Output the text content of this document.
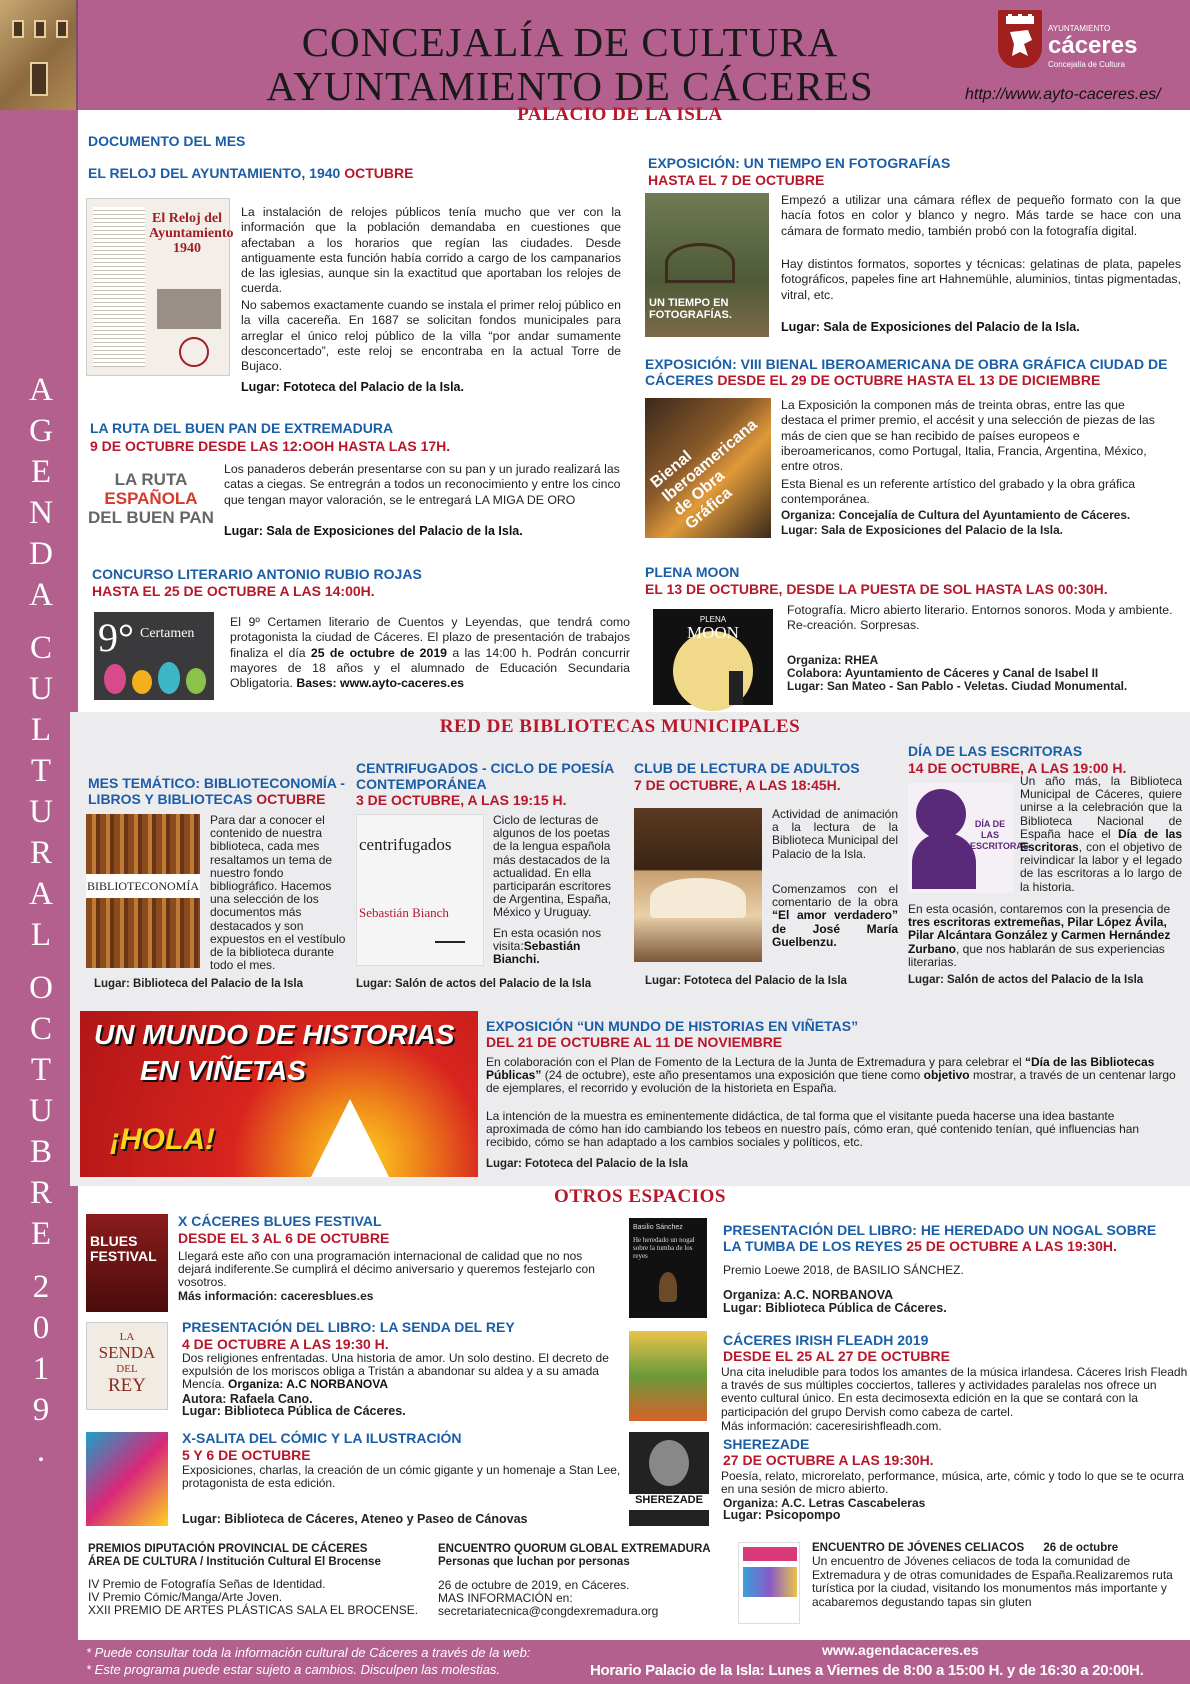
CONCEJALÍA DE CULTURA
AYUNTAMIENTO DE CÁCERES
AYUNTAMIENTO
cáceres
Concejalía de Cultura
http://www.ayto-caceres.es/
A
G
E
N
D
A
C
U
L
T
U
R
A
L
O
C
T
U
B
R
E
2
0
1
9
.
PALACIO DE LA ISLA
DOCUMENTO DEL MES
EL RELOJ DEL AYUNTAMIENTO, 1940 OCTUBRE
El Reloj del Ayuntamiento 1940
La instalación de relojes públicos tenía mucho que ver con la información que la población demandaba en cuestiones que afectaban a los horarios que regían las ciudades. Desde antiguamente esta función había corrido a cargo de los campanarios de las iglesias, aunque sin la exactitud que aportaban los relojes de cuerda.
No sabemos exactamente cuando se instala el primer reloj público en la villa cacereña. En 1687 se solicitan fondos municipales para arreglar el único reloj público de la villa “por andar sumamente desconcertado”, este reloj se encontraba en la actual Torre de Bujaco.
Lugar: Fototeca del Palacio de la Isla.
LA RUTA DEL BUEN PAN DE EXTREMADURA
9 DE OCTUBRE DESDE LAS 12:OOH HASTA LAS 17H.
LA RUTA
ESPAÑOLA
DEL BUEN PAN
Los panaderos deberán presentarse con su pan y un jurado realizará las catas a ciegas. Se entregrán a todos un reconocimiento y entre los cinco que tengan mayor valoración, se le entregará LA MIGA DE ORO
Lugar: Sala de Exposiciones del Palacio de la Isla.
CONCURSO LITERARIO ANTONIO RUBIO ROJAS
HASTA EL 25 DE OCTUBRE A LAS 14:00H.
9° Certamen
El 9º Certamen literario de Cuentos y Leyendas, que tendrá como protagonista la ciudad de Cáceres. El plazo de presentación de trabajos finaliza el día 25 de octubre de 2019 a las 14:00 h. Podrán concurrir mayores de 18 años y el alumnado de Educación Secundaria Obligatoria. Bases: www.ayto-caceres.es
EXPOSICIÓN: UN TIEMPO EN FOTOGRAFÍAS
HASTA EL 7 DE OCTUBRE
UN TIEMPO EN FOTOGRAFÍAS.
Empezó a utilizar una cámara réflex de pequeño formato con la que hacía fotos en color y blanco y negro. Más tarde se hace con una cámara de formato medio, también probó con la fotografía digital.
Hay distintos formatos, soportes y técnicas: gelatinas de plata, papeles fotográficos, papeles fine art Hahnemühle, aluminios, tintas pigmentadas, vitral, etc.
Lugar: Sala de Exposiciones del Palacio de la Isla.
EXPOSICIÓN: VIII BIENAL IBEROAMERICANA DE OBRA GRÁFICA CIUDAD DE CÁCERES DESDE EL 29 DE OCTUBRE HASTA EL 13 DE DICIEMBRE
Bienal Iberoamericana de Obra Gráfica
La Exposición la componen más de treinta obras, entre las que destaca el primer premio, el accésit y una selección de piezas de las más de cien que se han recibido de países europeos e iberoamericanos, como Portugal, Italia, Francia, Argentina, México, entre otros.
Esta Bienal es un referente artístico del grabado y la obra gráfica contemporánea.
Organiza: Concejalía de Cultura del Ayuntamiento de Cáceres.
Lugar: Sala de Exposiciones del Palacio de la Isla.
PLENA MOON
EL 13 DE OCTUBRE, DESDE LA PUESTA DE SOL HASTA LAS 00:30H.
PLENA
MOON
Fotografía. Micro abierto literario. Entornos sonoros. Moda y ambiente. Re-creación. Sorpresas.
Organiza: RHEA
Colabora: Ayuntamiento de Cáceres y Canal de Isabel II
Lugar: San Mateo - San Pablo - Veletas. Ciudad Monumental.
RED DE BIBLIOTECAS MUNICIPALES
MES TEMÁTICO: BIBLIOTECONOMÍA - LIBROS Y BIBLIOTECAS OCTUBRE
BIBLIOTECONOMÍA
Para dar a conocer el contenido de nuestra biblioteca, cada mes resaltamos un tema de nuestro fondo bibliográfico. Hacemos una selección de los documentos más destacados y son expuestos en el vestíbulo de la biblioteca durante todo el mes.
Lugar: Biblioteca del Palacio de la Isla
CENTRIFUGADOS - CICLO DE POESÍA CONTEMPORÁNEA
3 DE OCTUBRE, A LAS 19:15 H.
centrifugados
Sebastián Bianch
Ciclo de lecturas de algunos de los poetas de la lengua española más destacados de la actualidad. En ella participarán escritores de Argentina, España, México y Uruguay.
En esta ocasión nos visita:Sebastián Bianchi.
Lugar: Salón de actos del Palacio de la Isla
CLUB DE LECTURA DE ADULTOS
7 DE OCTUBRE, A LAS 18:45H.
Actividad de animación a la lectura de la Biblioteca Municipal del Palacio de la Isla.
Comenzamos con el comentario de la obra “El amor verdadero” de José María Guelbenzu.
Lugar: Fototeca del Palacio de la Isla
DÍA DE LAS ESCRITORAS
14 DE OCTUBRE, A LAS 19:00 H.
DÍA DE LAS ESCRITORAS
Un año más, la Biblioteca Municipal de Cáceres, quiere unirse a la celebración que la Biblioteca Nacional de España hace el Día de las Escritoras, con el objetivo de reivindicar la labor y el legado de las escritoras a lo largo de la historia.
En esta ocasión, contaremos con la presencia de tres escritoras extremeñas, Pilar López Ávila, Pilar Alcántara González y Carmen Hernández Zurbano, que nos hablarán de sus experiencias literarias.
Lugar: Salón de actos del Palacio de la Isla
UN MUNDO DE HISTORIAS
EN VIÑETAS
¡HOLA!
EXPOSICIÓN “UN MUNDO DE HISTORIAS EN VIÑETAS”
DEL 21 DE OCTUBRE AL 11 DE NOVIEMBRE
En colaboración con el Plan de Fomento de la Lectura de la Junta de Extremadura y para celebrar el “Día de las Bibliotecas Públicas” (24 de octubre), este año presentamos una exposición que tiene como objetivo mostrar, a través de un centenar largo de ejemplares, el recorrido y evolución de la historieta en España.
La intención de la muestra es eminentemente didáctica, de tal forma que el visitante pueda hacerse una idea bastante aproximada de cómo han ido cambiando los tebeos en nuestro país, cómo eran, qué contenido tenían, qué influencias han recibido, cómo se han adaptado a los cambios sociales y políticos, etc.
Lugar: Fototeca del Palacio de la Isla
OTROS ESPACIOS
BLUES FESTIVAL
X CÁCERES BLUES FESTIVAL
DESDE EL 3 AL 6 DE OCTUBRE
Llegará este año con una programación internacional de calidad que no nos dejará indiferente.Se cumplirá el décimo aniversario y queremos festejarlo con vosotros.
Más información: caceresblues.es
LA
SENDA
DEL
REY
PRESENTACIÓN DEL LIBRO: LA SENDA DEL REY
4 DE OCTUBRE A LAS 19:30 H.
Dos religiones enfrentadas. Una historia de amor. Un solo destino. El decreto de expulsión de los moriscos obliga a Tristán a abandonar su aldea y a su amada Mencía. Organiza: A.C NORBANOVA
Autora: Rafaela Cano.
Lugar: Biblioteca Pública de Cáceres.
X-SALITA DEL CÓMIC Y LA ILUSTRACIÓN
5 Y 6 DE OCTUBRE
Exposiciones, charlas, la creación de un cómic gigante y un homenaje a Stan Lee, protagonista de esta edición.
Lugar: Biblioteca de Cáceres, Ateneo y Paseo de Cánovas
Basilio Sánchez
He heredado un nogal sobre la tumba de los reyes
PRESENTACIÓN DEL LIBRO: HE HEREDADO UN NOGAL SOBRE LA TUMBA DE LOS REYES 25 DE OCTUBRE A LAS 19:30H.
Premio Loewe 2018, de BASILIO SÁNCHEZ.
Organiza: A.C. NORBANOVA
Lugar: Biblioteca Pública de Cáceres.
CÁCERES IRISH FLEADH 2019
DESDE EL 25 AL 27 DE OCTUBRE
Una cita ineludible para todos los amantes de la música irlandesa. Cáceres Irish Fleadh a través de sus múltiples cocciertos, talleres y actividades paralelas nos ofrece un evento cultural único. En esta decimosexta edición en la que se contará con la participación del grupo Dervish como cabeza de cartel.
Más información: caceresirishfleadh.com.
SHEREZADE
SHEREZADE
27 DE OCTUBRE A LAS 19:30H.
Poesía, relato, microrelato, performance, música, arte, cómic y todo lo que se te ocurra en una sesión de micro abierto.
Organiza: A.C. Letras Cascabeleras
Lugar: Psicopompo
PREMIOS DIPUTACIÓN PROVINCIAL DE CÁCERES
ÁREA DE CULTURA / Institución Cultural El Brocense
IV Premio de Fotografía Señas de Identidad.
IV Premio Cómic/Manga/Arte Joven.
XXII PREMIO DE ARTES PLÁSTICAS SALA EL BROCENSE.
ENCUENTRO QUORUM GLOBAL EXTREMADURA
Personas que luchan por personas
26 de octubre de 2019, en Cáceres.
MAS INFORMACIÓN en:
secretariatecnica@congdexremadura.org
ENCUENTRO DE JÓVENES CELIACOS 26 de octubre
Un encuentro de Jóvenes celiacos de toda la comunidad de Extremadura y de otras comunidades de España.Realizaremos ruta turística por la ciudad, visitando los monumentos más importante y acabaremos degustando tapas sin gluten
* Puede consultar toda la información cultural de Cáceres a través de la web:
* Este programa puede estar sujeto a cambios. Disculpen las molestias.
www.agendacaceres.es
Horario Palacio de la Isla: Lunes a Viernes de 8:00 a 15:00 H. y de 16:30 a 20:00H.
